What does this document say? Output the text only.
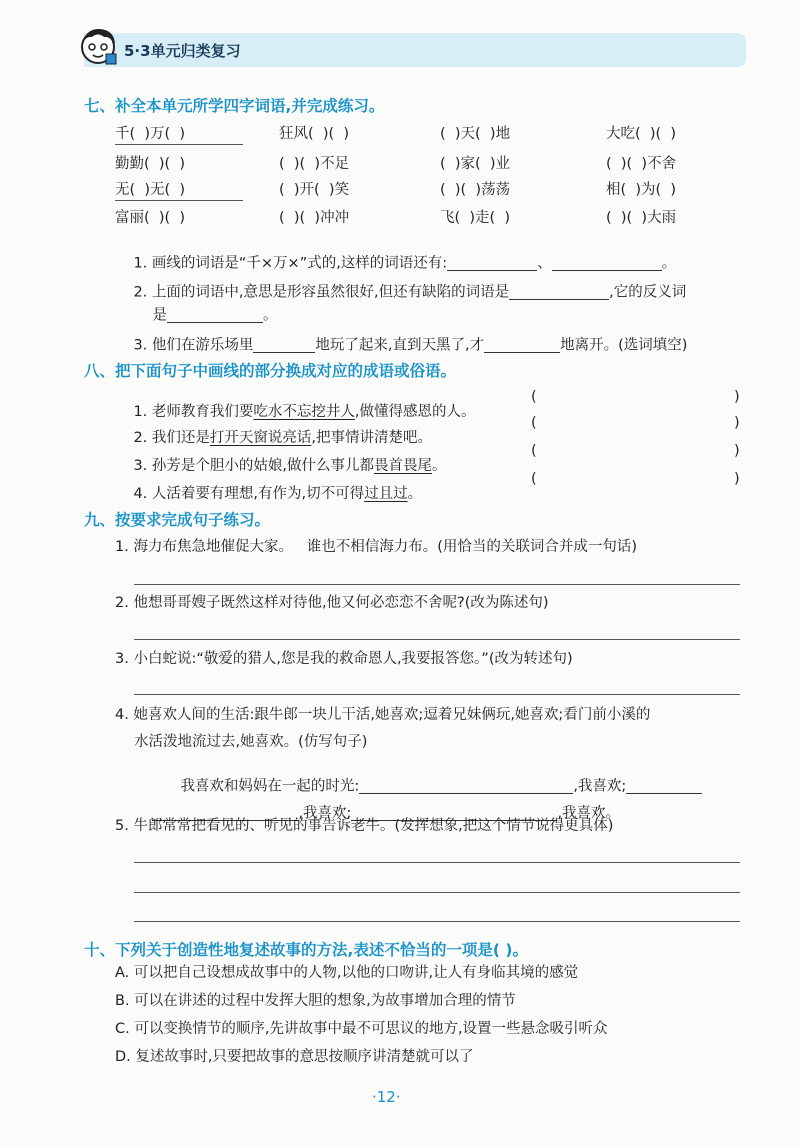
5·3单元归类复习
七、补全本单元所学四字词语,并完成练习。
千(  )万(  )	狂风(  )(  )	(  )天(  )地	大吃(  )(  )
勤勤(  )(  )	(  )(  )不足	(  )家(  )业	(  )(  )不舍
无(  )无(  )	(  )开(  )笑	(  )(  )荡荡	相(  )为(  )
富丽(  )(  )	(  )(  )冲冲	飞(  )走(  )	(  )(  )大雨

1. 画线的词语是“千×万×”式的,这样的词语还有:	、	。

2. 上面的词语中,意思是形容虽然很好,但还有缺陷的词语是	,它的反义词

是	。

3. 他们在游乐场里	地玩了起来,直到天黑了,才	地离开。(选词填空)

八、把下面句子中画线的部分换成对应的成语或俗语。

1. 老师教育我们要吃水不忘挖井人,做懂得感恩的人。

2. 我们还是打开天窗说亮话,把事情讲清楚吧。

3. 孙芳是个胆小的姑娘,做什么事儿都畏首畏尾。

4. 人活着要有理想,有作为,切不可得过且过。

(	)
(	)
(	)
(	)
九、按要求完成句子练习。
1. 海力布焦急地催促大家。   谁也不相信海力布。(用恰当的关联词合并成一句话)
2. 他想哥哥嫂子既然这样对待他,他又何必恋恋不舍呢?(改为陈述句)
3. 小白蛇说:“敬爱的猎人,您是我的救命恩人,我要报答您。”(改为转述句)
4. 她喜欢人间的生活:跟牛郎一块儿干活,她喜欢;逗着兄妹俩玩,她喜欢;看门前小溪的
水活泼地流过去,她喜欢。(仿写句子)

我喜欢和妈妈在一起的时光:	,我喜欢;

,我喜欢;	,我喜欢。

5. 牛郎常常把看见的、听见的事告诉老牛。(发挥想象,把这个情节说得更具体)
十、下列关于创造性地复述故事的方法,表述不恰当的一项是( )。
A. 可以把自己设想成故事中的人物,以他的口吻讲,让人有身临其境的感觉
B. 可以在讲述的过程中发挥大胆的想象,为故事增加合理的情节
C. 可以变换情节的顺序,先讲故事中最不可思议的地方,设置一些悬念吸引听众
D. 复述故事时,只要把故事的意思按顺序讲清楚就可以了
·12·
